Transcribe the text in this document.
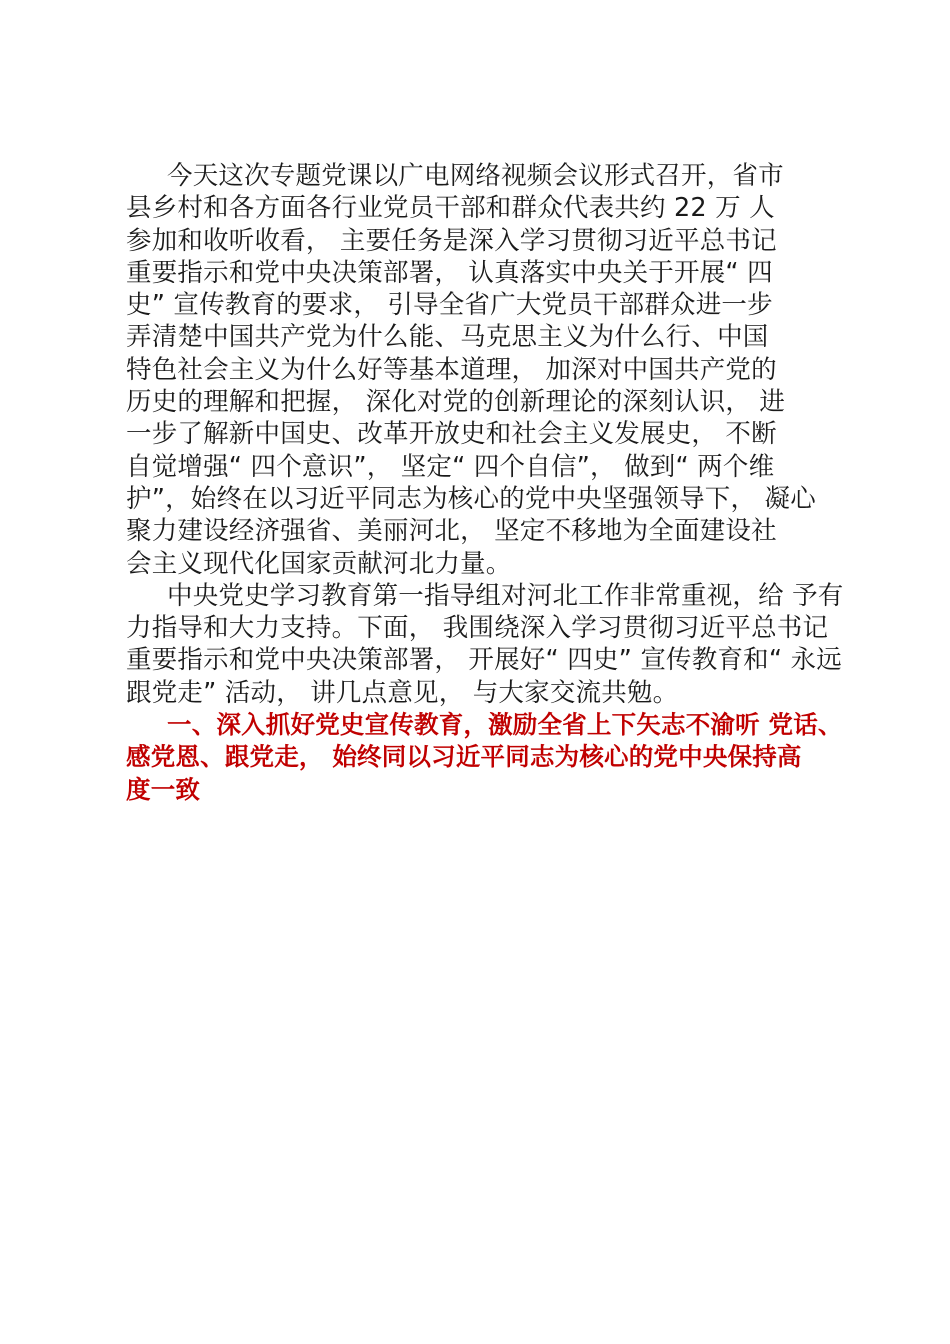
今天这次专题党课以广电网络视频会议形式召开，省市
县乡村和各方面各行业党员干部和群众代表共约 22 万 人
参加和收听收看， 主要任务是深入学习贯彻习近平总书记
重要指示和党中央决策部署， 认真落实中央关于开展“ 四
史” 宣传教育的要求， 引导全省广大党员干部群众进一步
弄清楚中国共产党为什么能、马克思主义为什么行、中国
特色社会主义为什么好等基本道理， 加深对中国共产党的
历史的理解和把握， 深化对党的创新理论的深刻认识， 进
一步了解新中国史、改革开放史和社会主义发展史， 不断
自觉增强“ 四个意识”， 坚定“ 四个自信”， 做到“ 两个维
护”，始终在以习近平同志为核心的党中央坚强领导下， 凝心
聚力建设经济强省、美丽河北， 坚定不移地为全面建设社
会主义现代化国家贡献河北力量。
中央党史学习教育第一指导组对河北工作非常重视，给 予有
力指导和大力支持。下面， 我围绕深入学习贯彻习近平总书记
重要指示和党中央决策部署， 开展好“ 四史” 宣传教育和“ 永远
跟党走” 活动， 讲几点意见， 与大家交流共勉。
一、深入抓好党史宣传教育，激励全省上下矢志不渝听 党话、
感党恩、跟党走， 始终同以习近平同志为核心的党中央保持高
度一致
